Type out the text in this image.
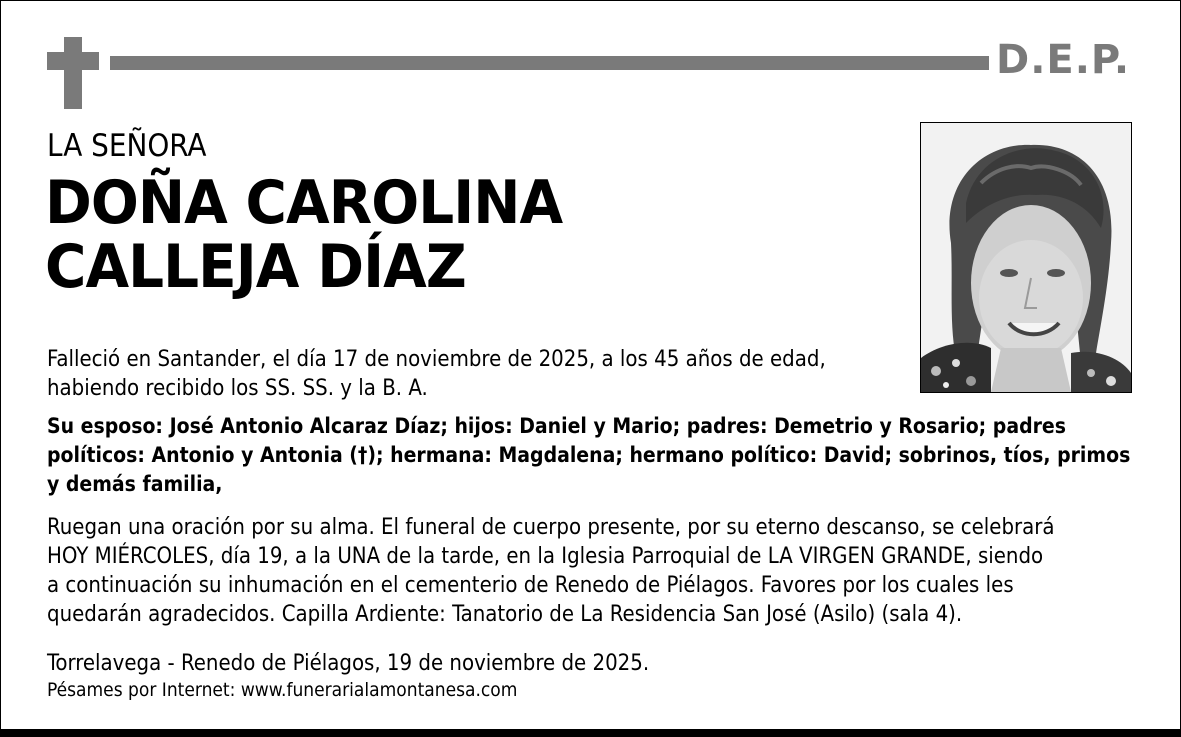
D.E.P.
LA SEÑORA
DOÑA CAROLINA
CALLEJA DÍAZ
Falleció en Santander, el día 17 de noviembre de 2025, a los 45 años de edad,
habiendo recibido los SS. SS. y la B. A.
Su esposo: José Antonio Alcaraz Díaz; hijos: Daniel y Mario; padres: Demetrio y Rosario; padres
políticos: Antonio y Antonia (†); hermana: Magdalena; hermano político: David; sobrinos, tíos, primos
y demás familia,
Ruegan una oración por su alma. El funeral de cuerpo presente, por su eterno descanso, se celebrará
HOY MIÉRCOLES, día 19, a la UNA de la tarde, en la Iglesia Parroquial de LA VIRGEN GRANDE, siendo
a continuación su inhumación en el cementerio de Renedo de Piélagos. Favores por los cuales les
quedarán agradecidos. Capilla Ardiente: Tanatorio de La Residencia San José (Asilo) (sala 4).
Torrelavega - Renedo de Piélagos, 19 de noviembre de 2025.
Pésames por Internet: www.funerarialamontanesa.com
